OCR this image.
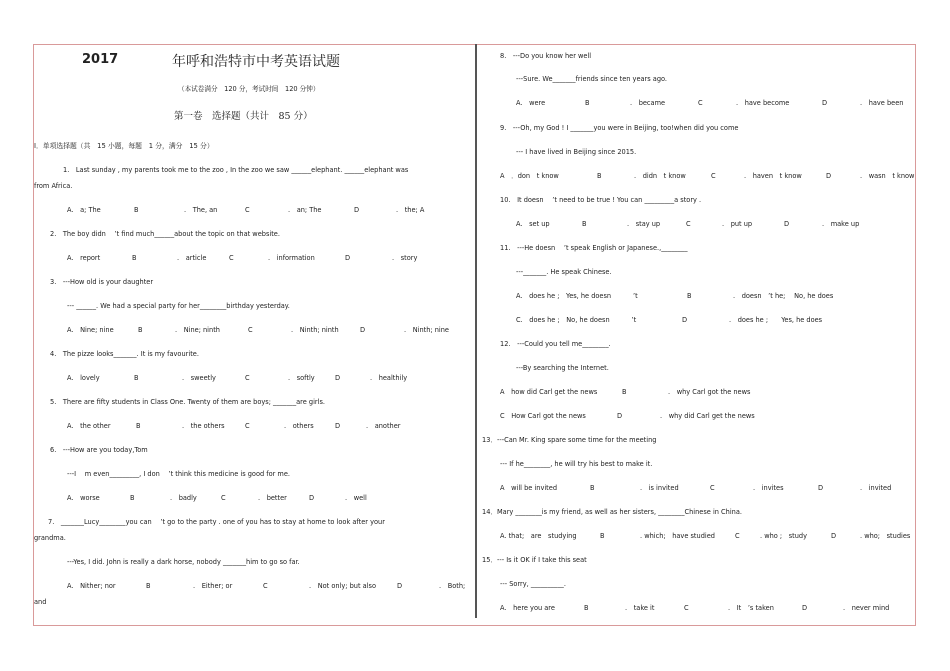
2017	年呼和浩特市中考英语试题
（本试卷满分　120 分，考试时间　120 分钟）
第一卷　选择题（共计　85 分）
Ⅰ．单项选择题（共　15 小题，每题　1 分，满分　15 分）
1.　Last sunday , my parents took me to the zoo , In the zoo we saw ______elephant. ______elephant was
from Africa.
A.　a; The	B	.　The, an	C	.　an; The	D	.　the; A
2.　The boy didn　 ’t find much______about the topic on that website.
A.　report	B	.　article	C	.　information	D	.　story
3.　---How old is your daughter
--- ______. We had a special party for her________birthday yesterday.
A.　Nine; nine	B	.　Nine; ninth	C	.　Ninth; ninth	D	.　Ninth; nine
4.　The pizze looks_______. It is my favourite.
A.　lovely	B	.　sweetly	C	.　softly	D	.　healthily
5.　There are fifty students in Class One. Twenty of them are boys; _______are girls.
A.　the other	B	.　the others	C	.　others	D	.　another
6.　---How are you today,Tom
---I　 m even_________, I don　 ’t think this medicine is good for me.
A.　worse	B	.　badly	C	.　better	D	.　well
7.　_______Lucy________you can　 ’t go to the party . one of you has to stay at home to look after your
grandma.
---Yes, I did. John is really a dark horse, nobody _______him to go so far.
A.　Nither; nor	B	.　Either; or	C	.　Not only; but also	D	.　Both;
and
8.　---Do you know her well
---Sure. We_______friends since ten years ago.
A.　were	B	.　became	C	.　have become	D	.　have been
9.　---Oh, my God ! I _______you were in Beijing, too!when did you come
--- I have lived in Beijing since 2015.
A　．don　t know	B	.　didn　t know	C	.　haven　t know	D	.　wasn　t know
10.　It doesn　 ’t need to be true ! You can _________a story .
A.　set up	B	.　stay up	C	.　put up	D	.　make up
11.　---He doesn　 ’t speak English or Japanese.,________
---_______. He speak Chinese.
A.　does he ;　Yes, he doesn　　　 ’t	B	.　doesn　’t he;　 No, he does
C.　does he ;　No, he doesn　　　 ’t	D	.　does he ;　　Yes, he does
12.　---Could you tell me________.
---By searching the Internet.
A　how did Carl get the news	B	.　why Carl got the news
C　How Carl got the news	D	.　why did Carl get the news
13．---Can Mr. King spare some time for the meeting
--- If he________, he will try his best to make it.
A　will be invited	B	.　is invited	C	.　invites	D	.　invited
14．Mary ________is my friend, as well as her sisters, ________Chinese in China.
A. that;　are　studying	B	. which;　have studied	C	. who ;　study	D	. who;　studies
15．--- Is it OK if I take this seat
--- Sorry, __________.
A.　here you are	B	.　take it	C	.　It　’s taken	D	.　never mind
